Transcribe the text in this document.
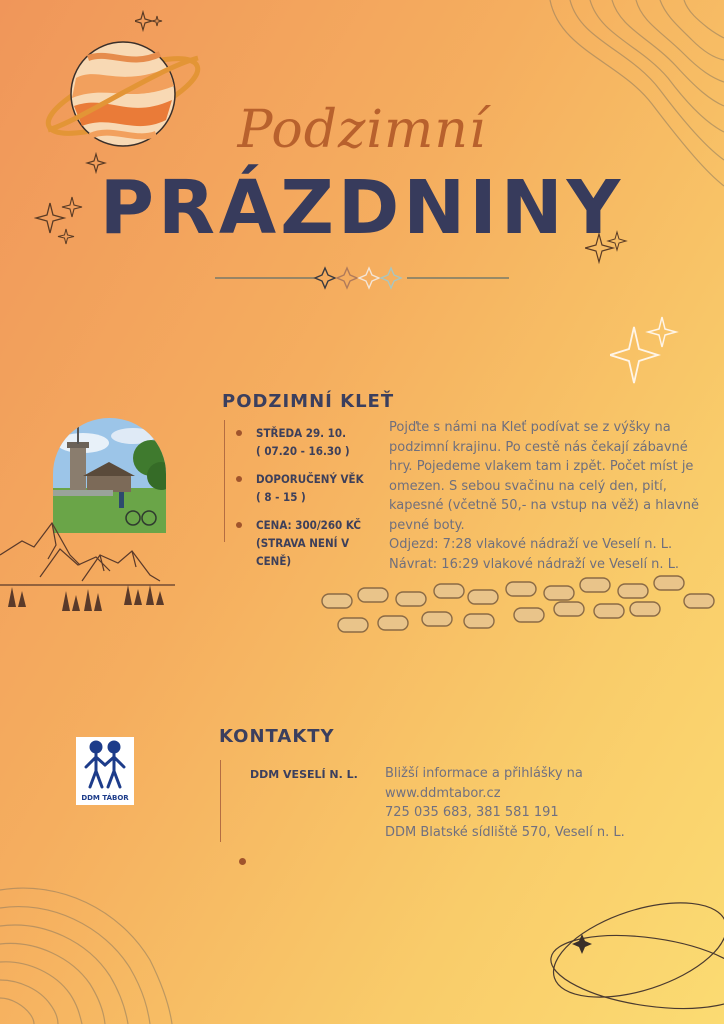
Podzimní
PRÁZDNINY
PODZIMNÍ KLEŤ
STŘEDA 29. 10.
( 07.20 - 16.30 )
DOPORUČENÝ VĚK
( 8 - 15 )
CENA: 300/260 KČ
(STRAVA NENÍ V CENĚ)
Pojďte s námi na Kleť podívat se z výšky na podzimní krajinu. Po cestě nás čekají zábavné hry. Pojedeme vlakem tam i zpět. Počet míst je omezen. S sebou svačinu na celý den, pití, kapesné (včetně 50,- na vstup na věž) a hlavně pevné boty.
Odjezd: 7:28 vlakové nádraží ve Veselí n. L.
Návrat: 16:29 vlakové nádraží ve Veselí n. L.
KONTAKTY
DDM VESELÍ N. L. Bližší informace a přihlášky na
www.ddmtabor.cz
725 035 683, 381 581 191
DDM Blatské sídliště 570, Veselí n. L.
DDM TÁBOR
